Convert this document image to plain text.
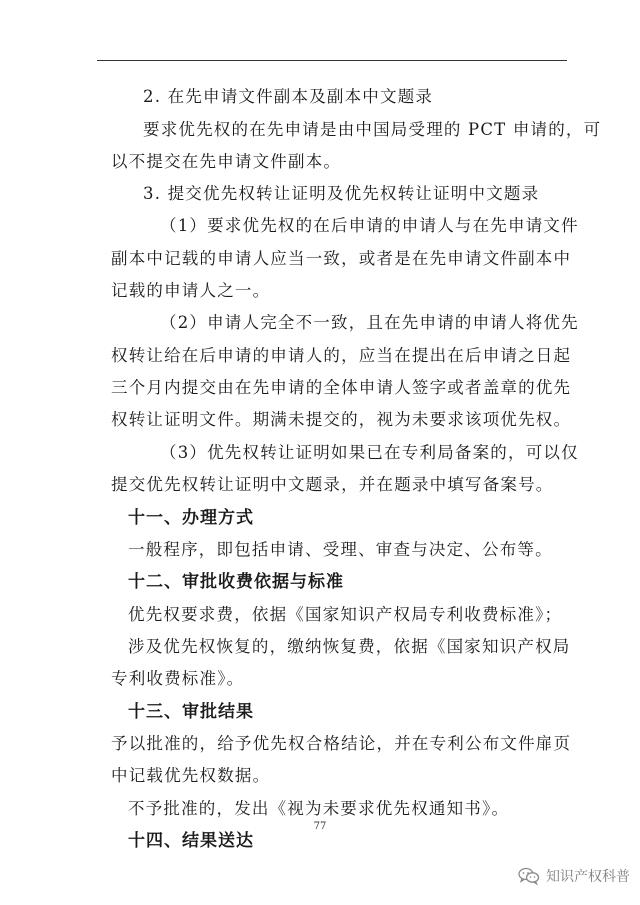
2. 在先申请文件副本及副本中文题录
要求优先权的在先申请是由中国局受理的 PCT 申请的，可
以不提交在先申请文件副本。
3. 提交优先权转让证明及优先权转让证明中文题录
（1）要求优先权的在后申请的申请人与在先申请文件
副本中记载的申请人应当一致，或者是在先申请文件副本中
记载的申请人之一。
（2）申请人完全不一致，且在先申请的申请人将优先
权转让给在后申请的申请人的，应当在提出在后申请之日起
三个月内提交由在先申请的全体申请人签字或者盖章的优先
权转让证明文件。期满未提交的，视为未要求该项优先权。
（3）优先权转让证明如果已在专利局备案的，可以仅
提交优先权转让证明中文题录，并在题录中填写备案号。
十一、办理方式
一般程序，即包括申请、受理、审查与决定、公布等。
十二、审批收费依据与标准
优先权要求费，依据《国家知识产权局专利收费标准》；
涉及优先权恢复的，缴纳恢复费，依据《国家知识产权局
专利收费标准》。
十三、审批结果
予以批准的，给予优先权合格结论，并在专利公布文件扉页
中记载优先权数据。
不予批准的，发出《视为未要求优先权通知书》。
十四、结果送达
77
知识产权科普
